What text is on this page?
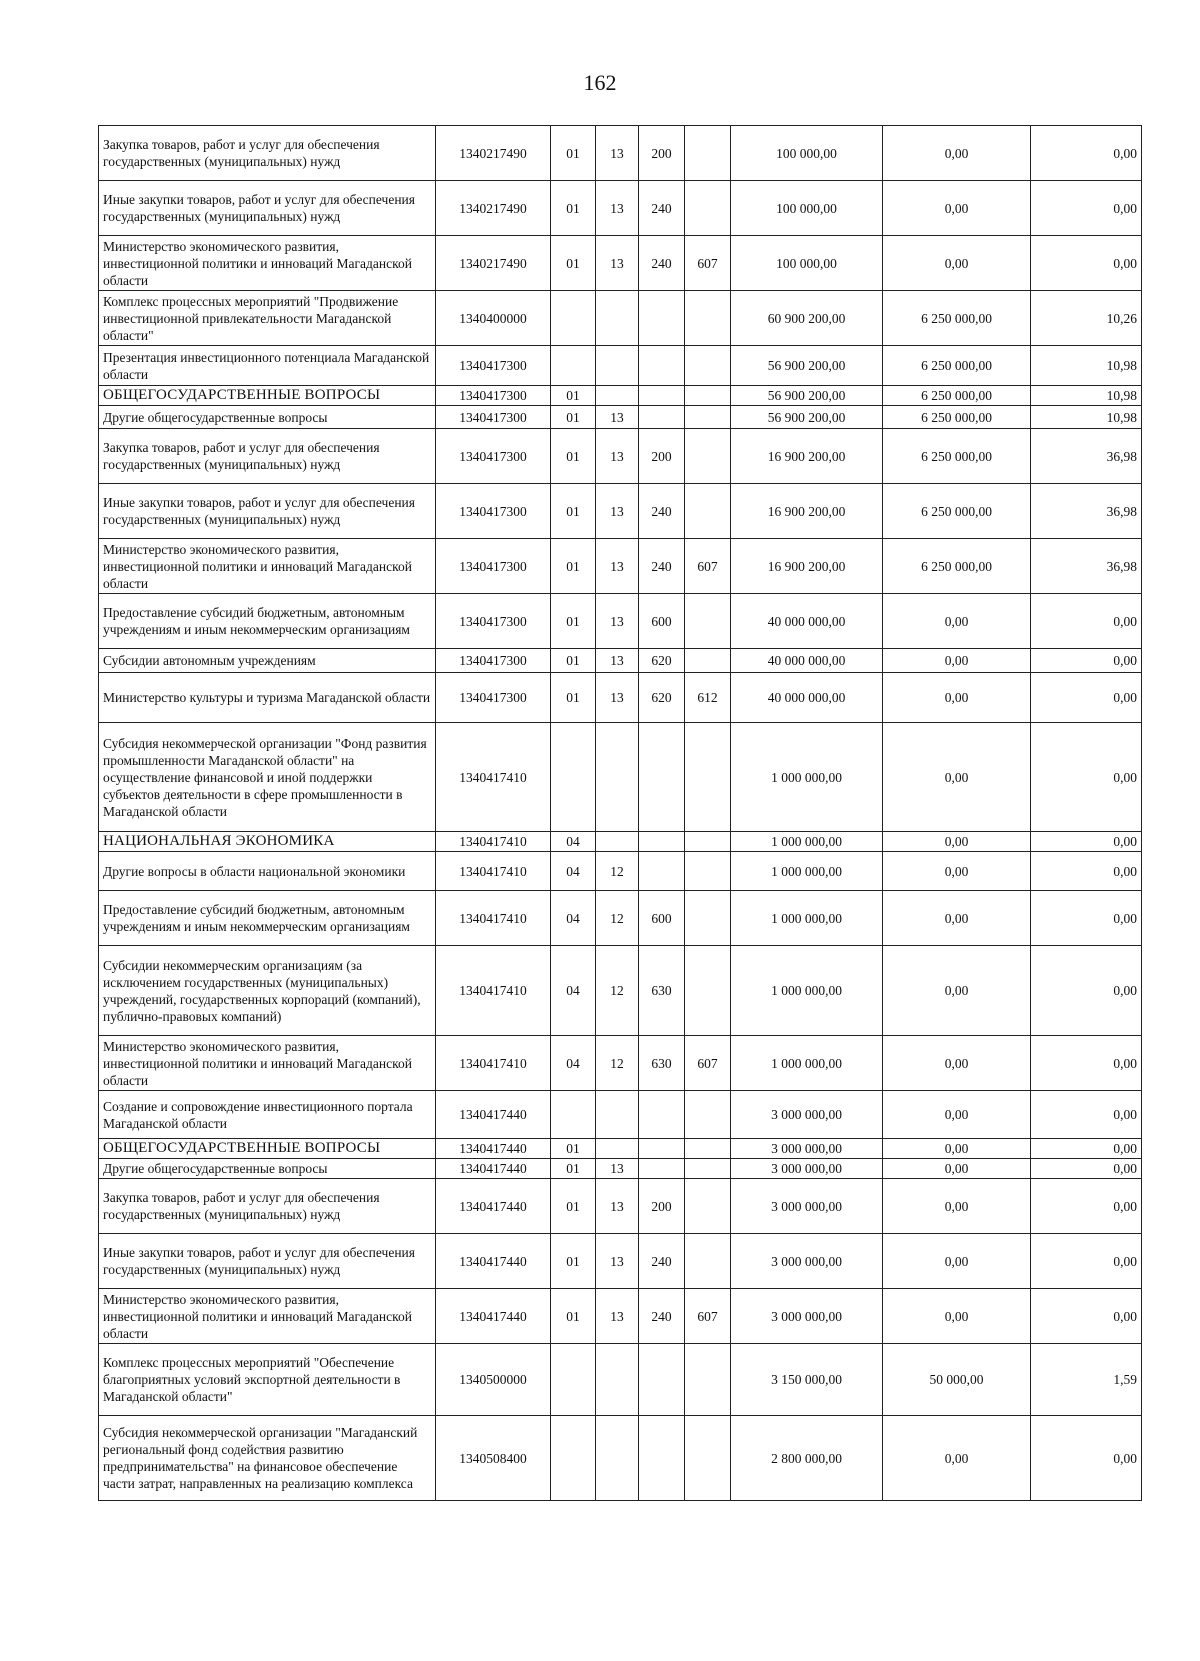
162
Закупка товаров, работ и услуг для обеспечения государственных (муниципальных) нужд	1340217490	01	13	200		100 000,00	0,00	0,00
Иные закупки товаров, работ и услуг для обеспечения государственных (муниципальных) нужд	1340217490	01	13	240		100 000,00	0,00	0,00
Министерство экономического развития, инвестиционной политики и инноваций Магаданской области	1340217490	01	13	240	607	100 000,00	0,00	0,00
Комплекс процессных мероприятий "Продвижение инвестиционной привлекательности Магаданской области"	1340400000					60 900 200,00	6 250 000,00	10,26
Презентация инвестиционного потенциала Магаданской области	1340417300					56 900 200,00	6 250 000,00	10,98
ОБЩЕГОСУДАРСТВЕННЫЕ ВОПРОСЫ	1340417300	01				56 900 200,00	6 250 000,00	10,98
Другие общегосударственные вопросы	1340417300	01	13			56 900 200,00	6 250 000,00	10,98
Закупка товаров, работ и услуг для обеспечения государственных (муниципальных) нужд	1340417300	01	13	200		16 900 200,00	6 250 000,00	36,98
Иные закупки товаров, работ и услуг для обеспечения государственных (муниципальных) нужд	1340417300	01	13	240		16 900 200,00	6 250 000,00	36,98
Министерство экономического развития, инвестиционной политики и инноваций Магаданской области	1340417300	01	13	240	607	16 900 200,00	6 250 000,00	36,98
Предоставление субсидий бюджетным, автономным учреждениям и иным некоммерческим организациям	1340417300	01	13	600		40 000 000,00	0,00	0,00
Субсидии автономным учреждениям	1340417300	01	13	620		40 000 000,00	0,00	0,00
Министерство культуры и туризма Магаданской области	1340417300	01	13	620	612	40 000 000,00	0,00	0,00
Субсидия некоммерческой организации "Фонд развития промышленности Магаданской области" на осуществление финансовой и иной поддержки субъектов деятельности в сфере промышленности в Магаданской области	1340417410					1 000 000,00	0,00	0,00
НАЦИОНАЛЬНАЯ ЭКОНОМИКА	1340417410	04				1 000 000,00	0,00	0,00
Другие вопросы в области национальной экономики	1340417410	04	12			1 000 000,00	0,00	0,00
Предоставление субсидий бюджетным, автономным учреждениям и иным некоммерческим организациям	1340417410	04	12	600		1 000 000,00	0,00	0,00
Субсидии некоммерческим организациям (за исключением государственных (муниципальных) учреждений, государственных корпораций (компаний), публично-правовых компаний)	1340417410	04	12	630		1 000 000,00	0,00	0,00
Министерство экономического развития, инвестиционной политики и инноваций Магаданской области	1340417410	04	12	630	607	1 000 000,00	0,00	0,00
Создание и сопровождение инвестиционного портала Магаданской области	1340417440					3 000 000,00	0,00	0,00
ОБЩЕГОСУДАРСТВЕННЫЕ ВОПРОСЫ	1340417440	01				3 000 000,00	0,00	0,00
Другие общегосударственные вопросы	1340417440	01	13			3 000 000,00	0,00	0,00
Закупка товаров, работ и услуг для обеспечения государственных (муниципальных) нужд	1340417440	01	13	200		3 000 000,00	0,00	0,00
Иные закупки товаров, работ и услуг для обеспечения государственных (муниципальных) нужд	1340417440	01	13	240		3 000 000,00	0,00	0,00
Министерство экономического развития, инвестиционной политики и инноваций Магаданской области	1340417440	01	13	240	607	3 000 000,00	0,00	0,00
Комплекс процессных мероприятий "Обеспечение благоприятных условий экспортной деятельности в Магаданской области"	1340500000					3 150 000,00	50 000,00	1,59
Субсидия некоммерческой организации "Магаданский региональный фонд содействия развитию предпринимательства" на финансовое обеспечение части затрат, направленных на реализацию комплекса	1340508400					2 800 000,00	0,00	0,00
